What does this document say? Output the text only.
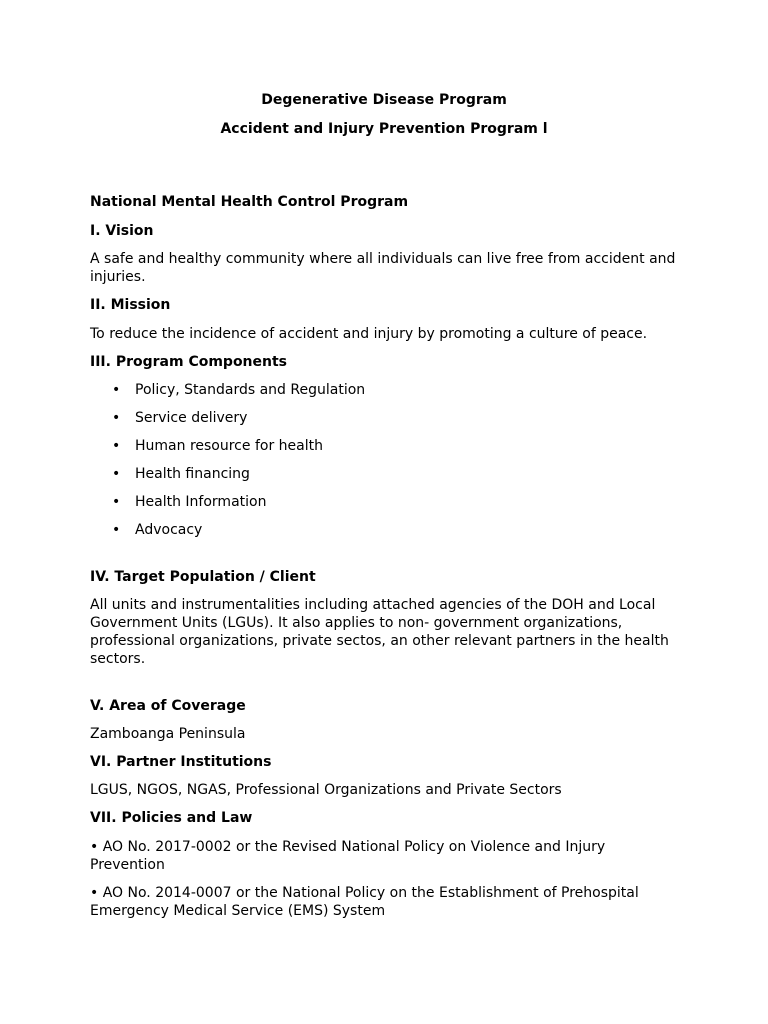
Degenerative Disease Program

Accident and Injury Prevention Program l

National Mental Health Control Program

I. Vision

A safe and healthy community where all individuals can live free from accident and injuries.

II. Mission

To reduce the incidence of accident and injury by promoting a culture of peace.

III. Program Components

• Policy, Standards and Regulation
• Service delivery
• Human resource for health
• Health financing
• Health Information
• Advocacy

IV. Target Population / Client

All units and instrumentalities including attached agencies of the DOH and Local Government Units (LGUs). It also applies to non- government organizations, professional organizations, private sectos, an other relevant partners in the health sectors.

V. Area of Coverage

Zamboanga Peninsula

VI. Partner Institutions

LGUS, NGOS, NGAS, Professional Organizations and Private Sectors

VII. Policies and Law

• AO No. 2017-0002 or the Revised National Policy on Violence and Injury Prevention

• AO No. 2014-0007 or the National Policy on the Establishment of Prehospital Emergency Medical Service (EMS) System
